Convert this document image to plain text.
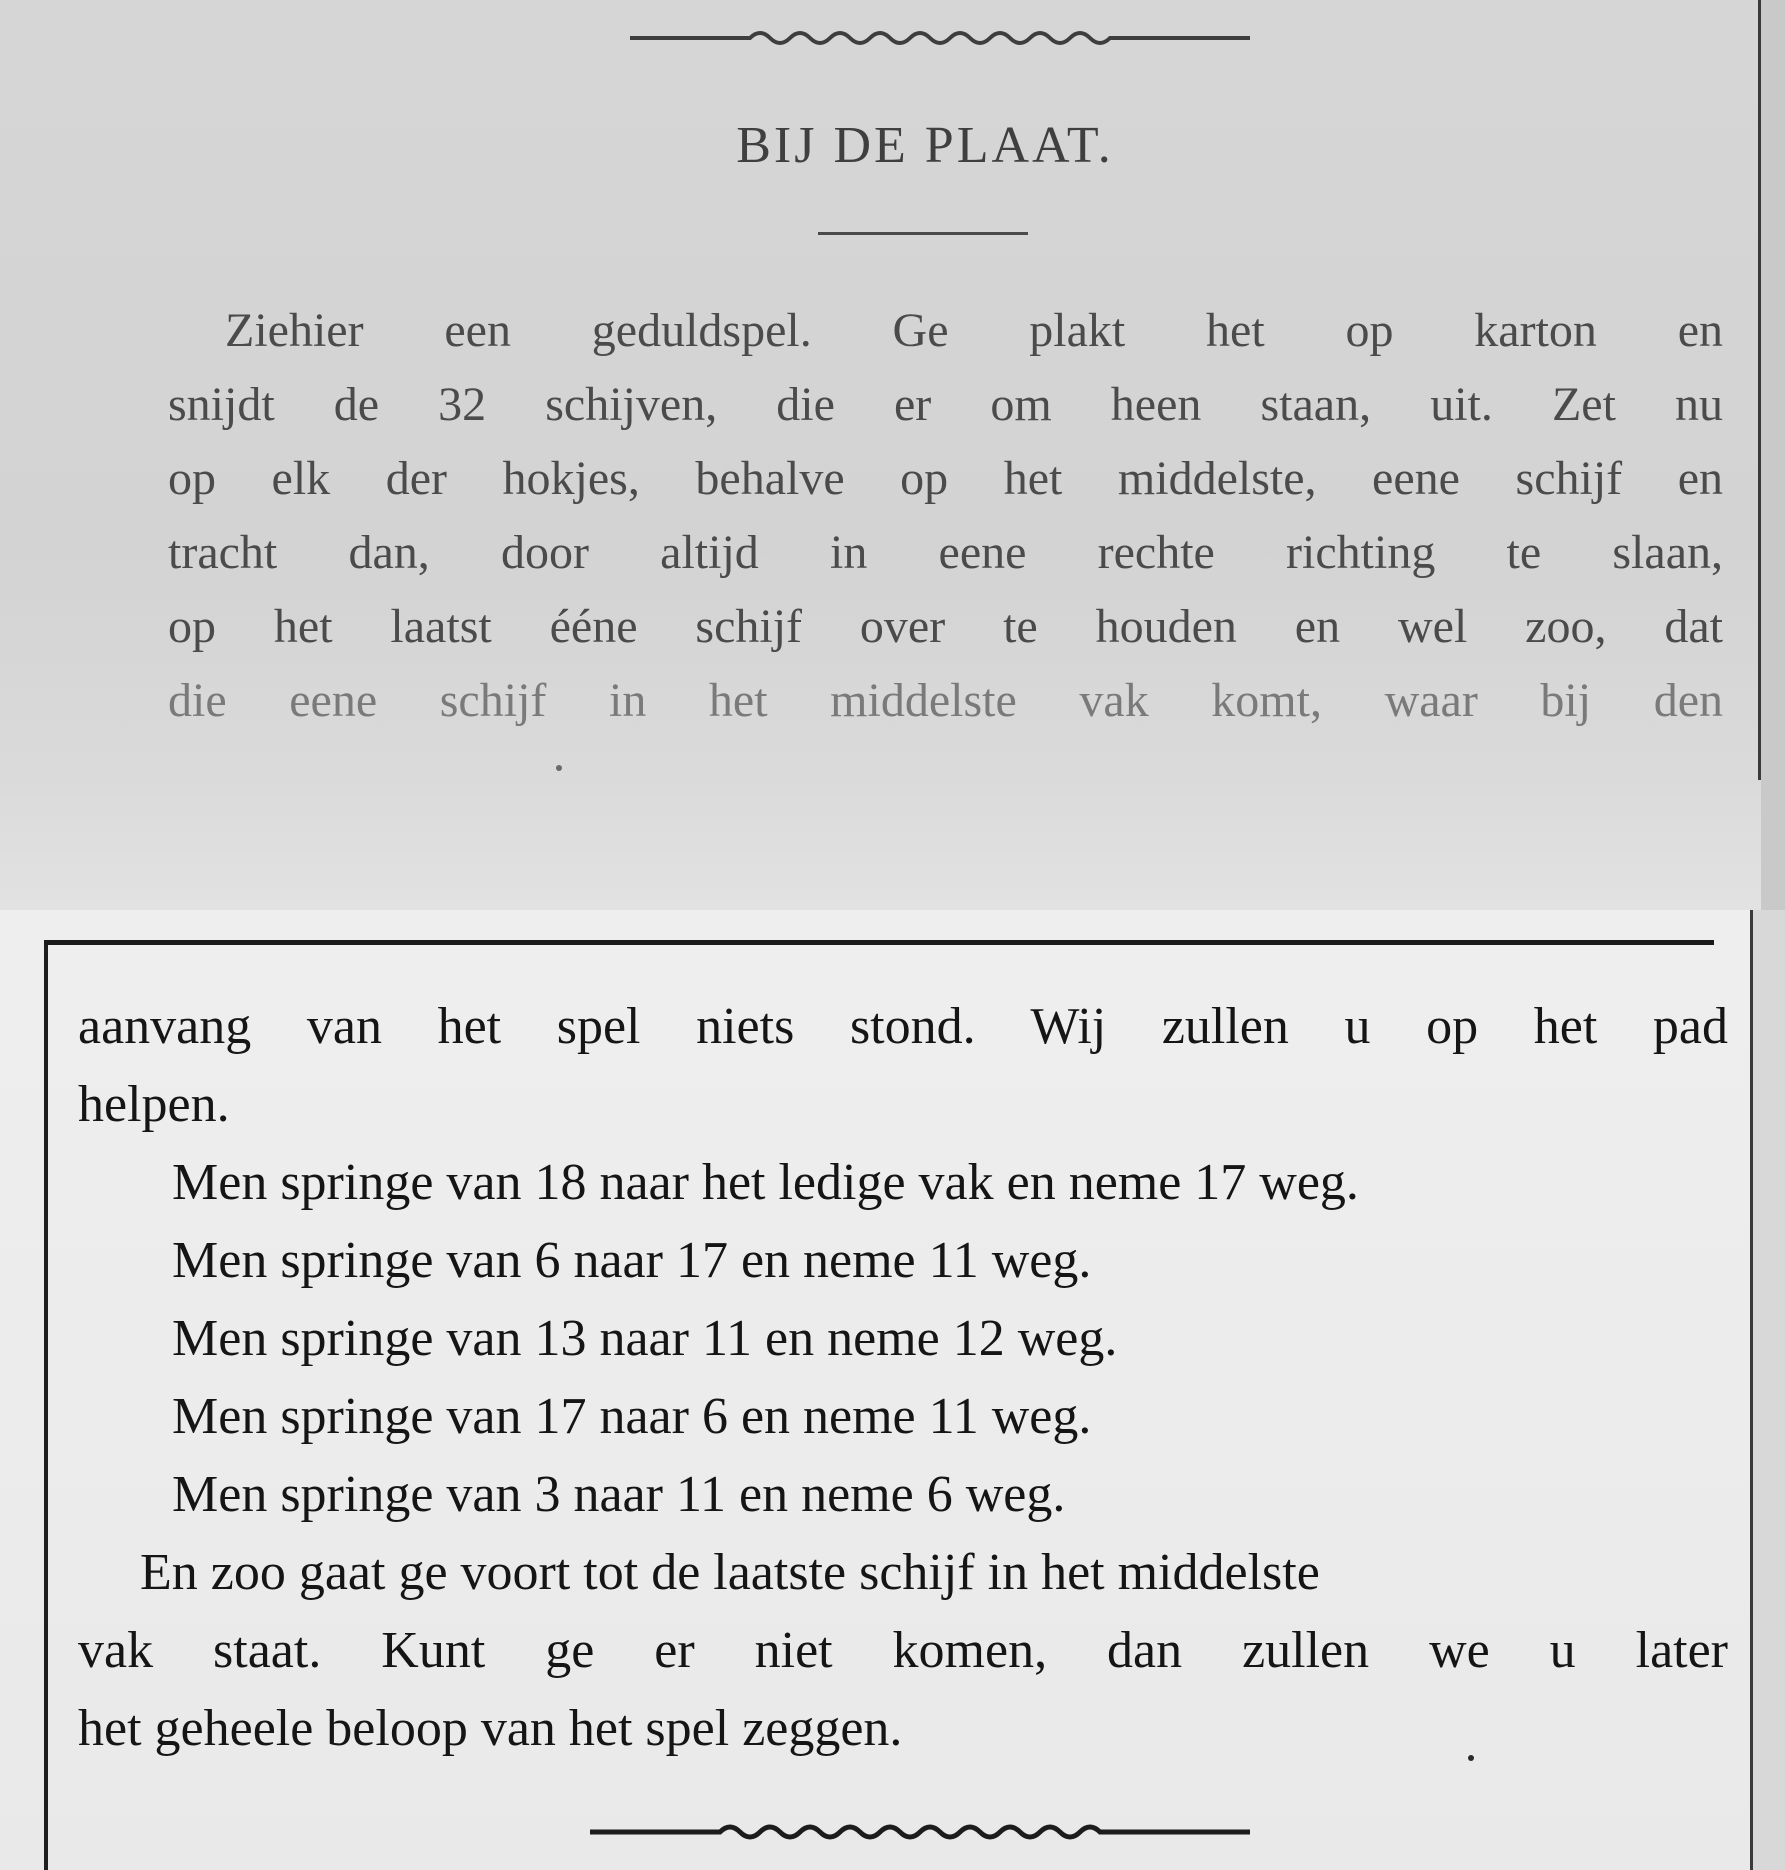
BIJ DE PLAAT.
Ziehier een geduldspel. Ge plakt het op karton en
snijdt de 32 schijven, die er om heen staan, uit. Zet nu
op elk der hokjes, behalve op het middelste, eene schijf en
tracht dan, door altijd in eene rechte richting te slaan,
op het laatst éénе schijf over te houden en wel zoo, dat
die eene schijf in het middelste vak komt, waar bij den
aanvang van het spel niets stond. Wij zullen u op het pad
helpen.
Men springe van 18 naar het ledige vak en neme 17 weg.
Men springe van 6 naar 17 en neme 11 weg.
Men springe van 13 naar 11 en neme 12 weg.
Men springe van 17 naar 6 en neme 11 weg.
Men springe van 3 naar 11 en neme 6 weg.
En zoo gaat ge voort tot de laatste schijf in het middelste
vak staat. Kunt ge er niet komen, dan zullen we u later
het geheele beloop van het spel zeggen.
